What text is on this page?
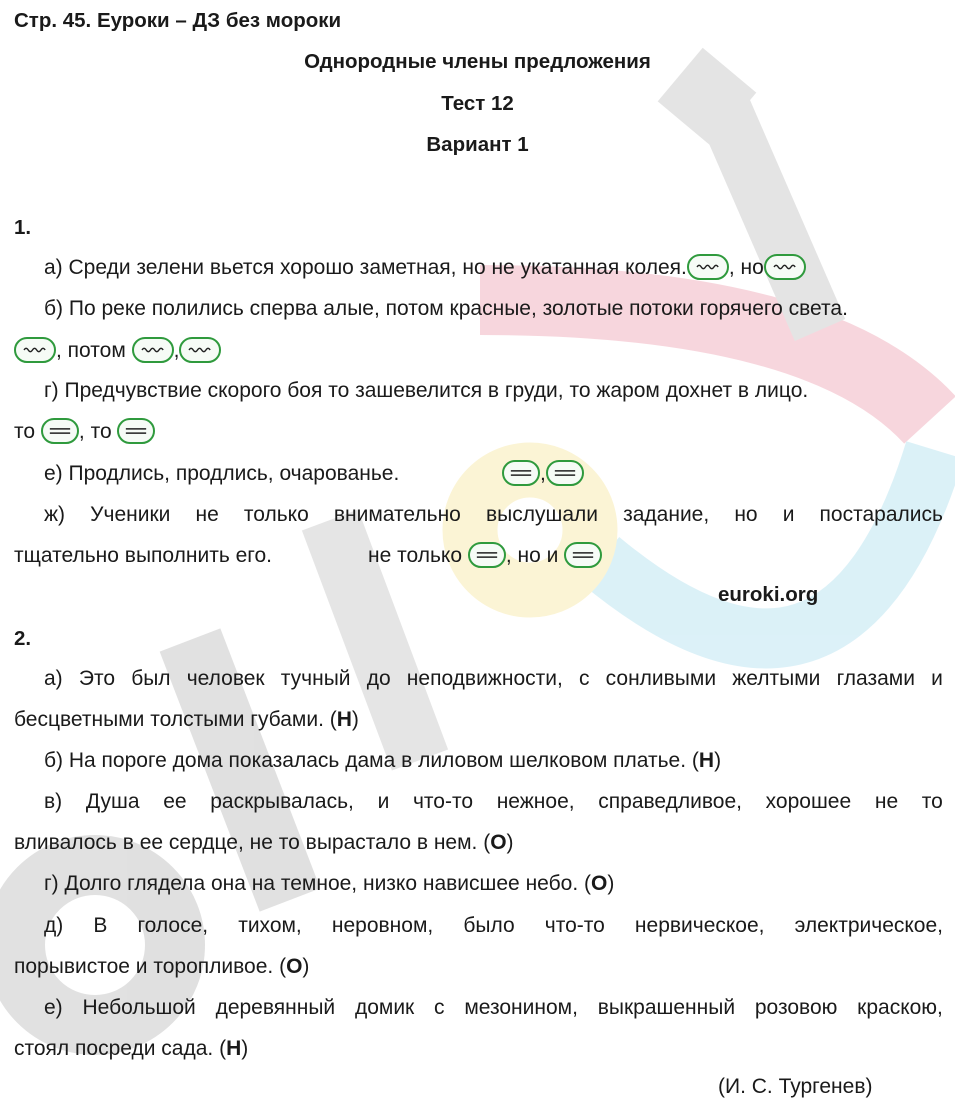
Стр. 45. Еуроки – ДЗ без мороки
Однородные члены предложения
Тест 12
Вариант 1
1.
а) Среди зелени вьется хорошо заметная, но не укатанная колея. , но
б) По реке полились сперва алые, потом красные, золотые потоки горячего света.
, потом ,
г) Предчувствие скорого боя то зашевелится в груди, то жаром дохнет в лицо.
то , то
е) Продлись, продлись, очарованье.	,
ж) Ученики не только внимательно выслушали задание, но и постарались
тщательно выполнить его.	не только , но и
euroki.org
2.
а) Это был человек тучный до неподвижности, с сонливыми желтыми глазами и
бесцветными толстыми губами. (Н)
б) На пороге дома показалась дама в лиловом шелковом платье. (Н)
в) Душа ее раскрывалась, и что-то нежное, справедливое, хорошее не то
вливалось в ее сердце, не то вырастало в нем. (О)
г) Долго глядела она на темное, низко нависшее небо. (О)
д) В голосе, тихом, неровном, было что-то нервическое, электрическое,
порывистое и торопливое. (О)
е) Небольшой деревянный домик с мезонином, выкрашенный розовою краскою,
стоял посреди сада. (Н)
(И. С. Тургенев)
